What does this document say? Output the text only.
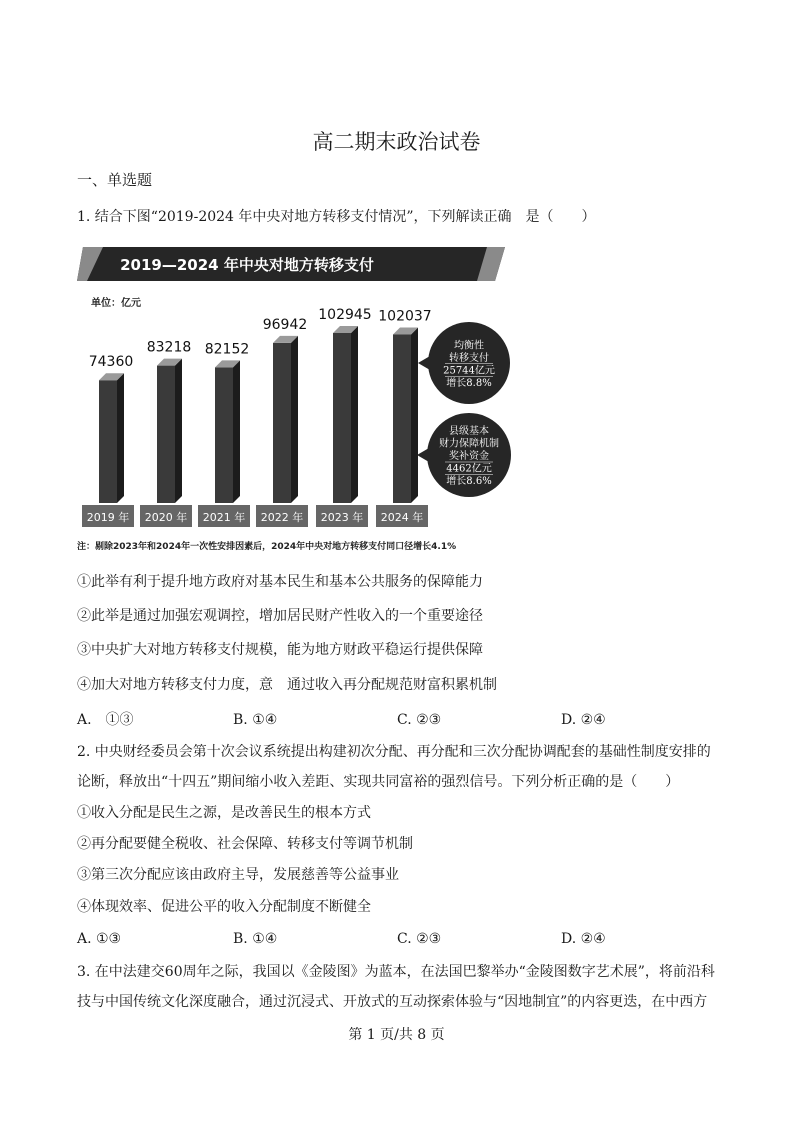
高二期末政治试卷
一、单选题
1. 结合下图“2019-2024 年中央对地方转移支付情况”，下列解读正确　是（　　）
2019—2024 年中央对地方转移支付
单位：亿元
74360
2019 年
83218
2020 年
82152
2021 年
96942
2022 年
102945
2023 年
102037
2024 年
均衡性
转移支付
25744亿元
增长8.8%
县级基本
财力保障机制
奖补资金
4462亿元
增长8.6%
注：剔除2023年和2024年一次性安排因素后，2024年中央对地方转移支付同口径增长4.1%
①此举有利于提升地方政府对基本民生和基本公共服务的保障能力
②此举是通过加强宏观调控，增加居民财产性收入的一个重要途径
③中央扩大对地方转移支付规模，能为地方财政平稳运行提供保障
④加大对地方转移支付力度，意　通过收入再分配规范财富积累机制
A.　①③	B. ①④	C. ②③	D. ②④
2. 中央财经委员会第十次会议系统提出构建初次分配、再分配和三次分配协调配套的基础性制度安排的论断，释放出“十四五”期间缩小收入差距、实现共同富裕的强烈信号。下列分析正确的是（　　）
①收入分配是民生之源，是改善民生的根本方式
②再分配要健全税收、社会保障、转移支付等调节机制
③第三次分配应该由政府主导，发展慈善等公益事业
④体现效率、促进公平的收入分配制度不断健全
A. ①③	B. ①④	C. ②③	D. ②④
3. 在中法建交60周年之际，我国以《金陵图》为蓝本，在法国巴黎举办“金陵图数字艺术展”，将前沿科技与中国传统文化深度融合，通过沉浸式、开放式的互动探索体验与“因地制宜”的内容更迭，在中西方
第 1 页/共 8 页
